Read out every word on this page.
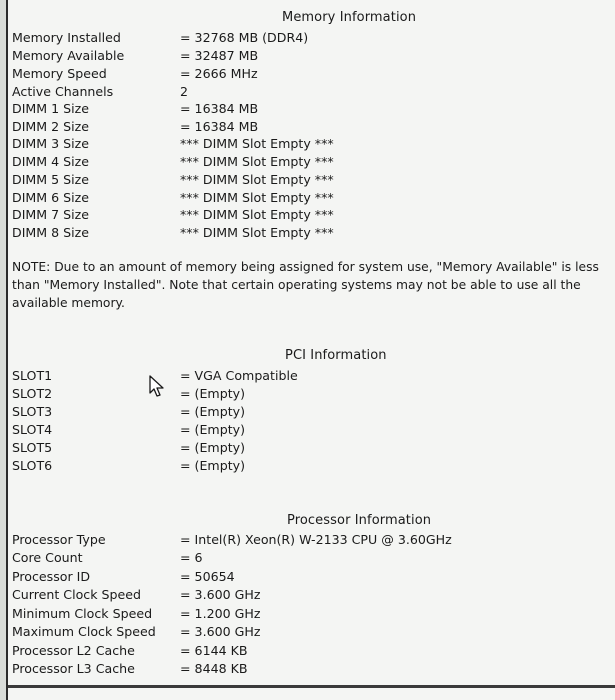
Memory Information
Memory Installed	= 32768 MB (DDR4)
Memory Available	= 32487 MB
Memory Speed	= 2666 MHz
Active Channels	2
DIMM 1 Size	= 16384 MB
DIMM 2 Size	= 16384 MB
DIMM 3 Size	*** DIMM Slot Empty ***
DIMM 4 Size	*** DIMM Slot Empty ***
DIMM 5 Size	*** DIMM Slot Empty ***
DIMM 6 Size	*** DIMM Slot Empty ***
DIMM 7 Size	*** DIMM Slot Empty ***
DIMM 8 Size	*** DIMM Slot Empty ***
NOTE: Due to an amount of memory being assigned for system use, "Memory Available" is less than "Memory Installed". Note that certain operating systems may not be able to use all the available memory.
PCI Information
SLOT1	= VGA Compatible
SLOT2	= (Empty)
SLOT3	= (Empty)
SLOT4	= (Empty)
SLOT5	= (Empty)
SLOT6	= (Empty)
Processor Information
Processor Type	= Intel(R) Xeon(R) W-2133 CPU @ 3.60GHz
Core Count	= 6
Processor ID	= 50654
Current Clock Speed	= 3.600 GHz
Minimum Clock Speed = 1.200 GHz
Maximum Clock Speed = 3.600 GHz
Processor L2 Cache	= 6144 KB
Processor L3 Cache	= 8448 KB
